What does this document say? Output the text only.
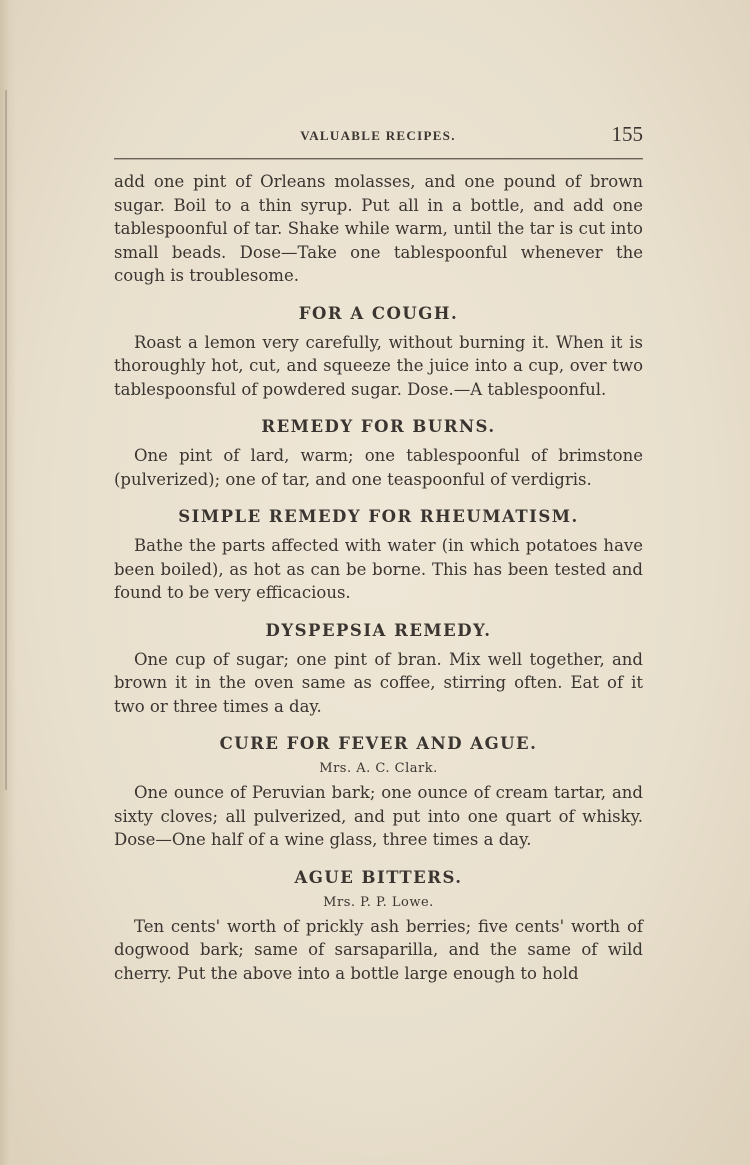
VALUABLE RECIPES.	155

add one pint of Orleans molasses, and one pound of brown sugar. Boil to a thin syrup. Put all in a bottle, and add one tablespoonful of tar. Shake while warm, until the tar is cut into small beads. Dose—Take one tablespoonful whenever the cough is troublesome.

FOR A COUGH.

Roast a lemon very carefully, without burning it. When it is thoroughly hot, cut, and squeeze the juice into a cup, over two tablespoonsful of powdered sugar. Dose.—A tablespoonful.

REMEDY FOR BURNS.

One pint of lard, warm; one tablespoonful of brimstone (pulverized); one of tar, and one teaspoonful of verdigris.

SIMPLE REMEDY FOR RHEUMATISM.

Bathe the parts affected with water (in which potatoes have been boiled), as hot as can be borne. This has been tested and found to be very efficacious.

DYSPEPSIA REMEDY.

One cup of sugar; one pint of bran. Mix well together, and brown it in the oven same as coffee, stirring often. Eat of it two or three times a day.

CURE FOR FEVER AND AGUE.
Mrs. A. C. Clark.

One ounce of Peruvian bark; one ounce of cream tartar, and sixty cloves; all pulverized, and put into one quart of whisky. Dose—One half of a wine glass, three times a day.

AGUE BITTERS.
Mrs. P. P. Lowe.

Ten cents' worth of prickly ash berries; five cents' worth of dogwood bark; same of sarsaparilla, and the same of wild cherry. Put the above into a bottle large enough to hold
